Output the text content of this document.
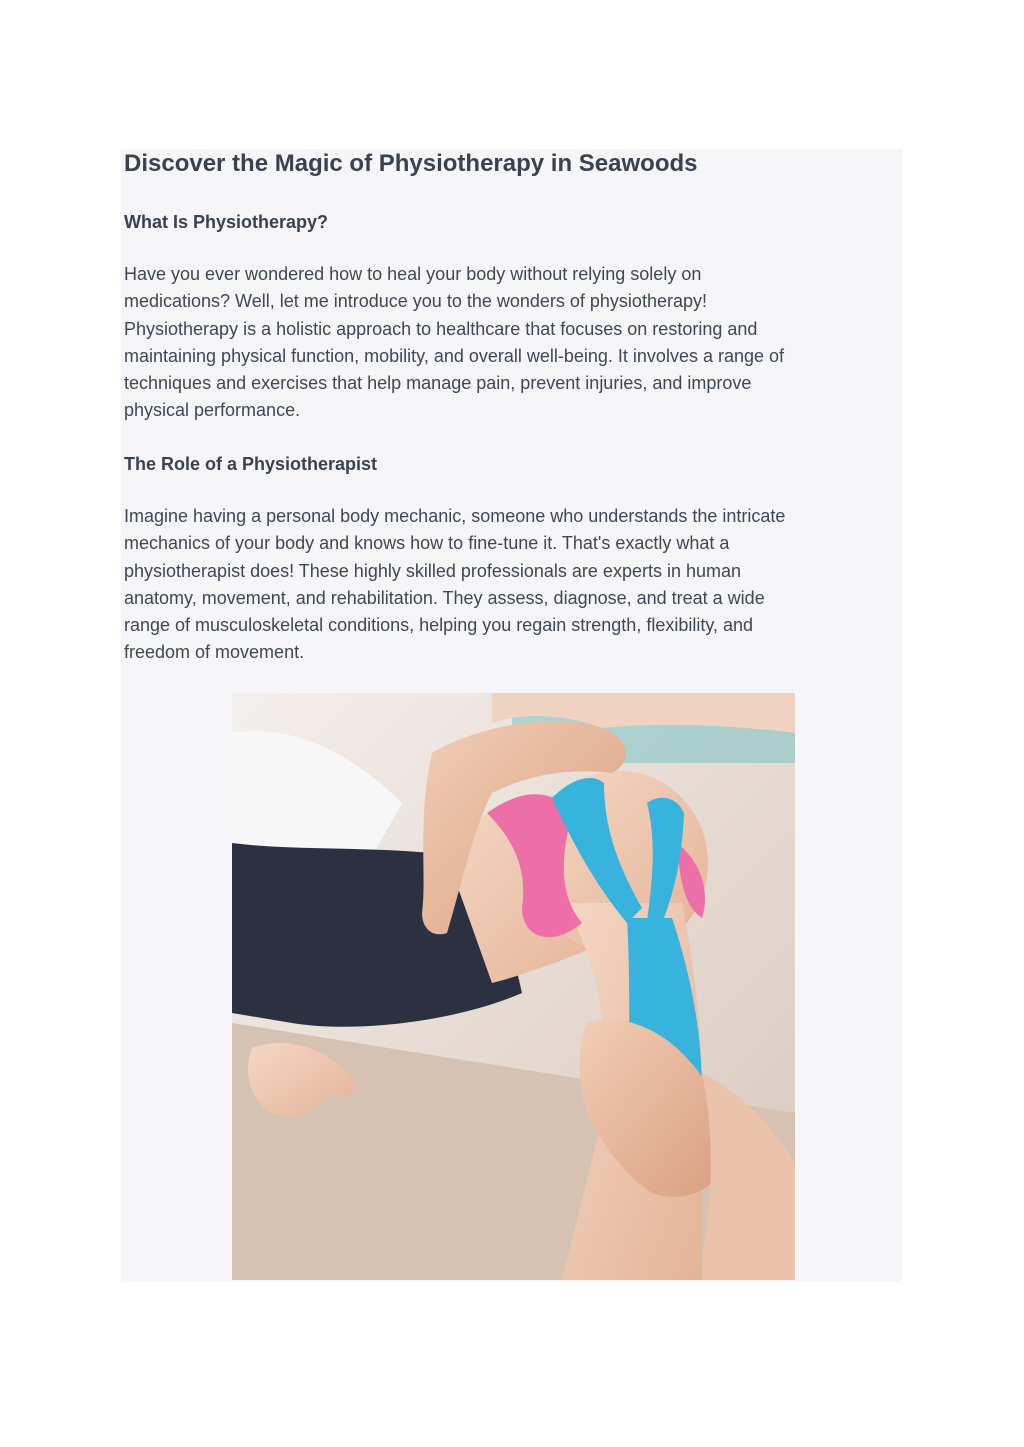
Discover the Magic of Physiotherapy in Seawoods
What Is Physiotherapy?

Have you ever wondered how to heal your body without relying solely on
medications? Well, let me introduce you to the wonders of physiotherapy!
Physiotherapy is a holistic approach to healthcare that focuses on restoring and
maintaining physical function, mobility, and overall well-being. It involves a range of
techniques and exercises that help manage pain, prevent injuries, and improve
physical performance.

The Role of a Physiotherapist

Imagine having a personal body mechanic, someone who understands the intricate
mechanics of your body and knows how to fine-tune it. That's exactly what a
physiotherapist does! These highly skilled professionals are experts in human
anatomy, movement, and rehabilitation. They assess, diagnose, and treat a wide
range of musculoskeletal conditions, helping you regain strength, flexibility, and
freedom of movement.
